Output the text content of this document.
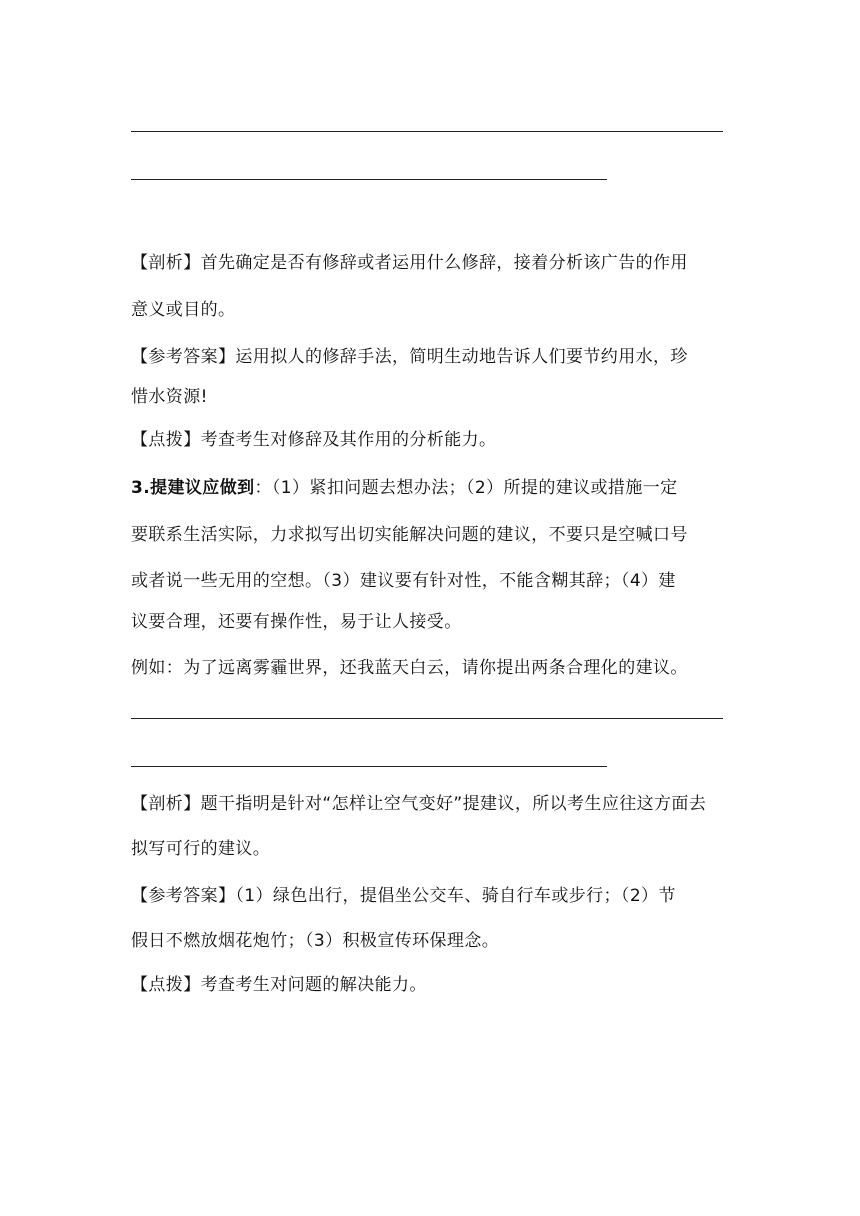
【剖析】首先确定是否有修辞或者运用什么修辞，接着分析该广告的作用
意义或目的。
【参考答案】运用拟人的修辞手法，简明生动地告诉人们要节约用水，珍
惜水资源!
【点拨】考查考生对修辞及其作用的分析能力。
3.提建议应做到：（1）紧扣问题去想办法；（2）所提的建议或措施一定
要联系生活实际，力求拟写出切实能解决问题的建议，不要只是空喊口号
或者说一些无用的空想。（3）建议要有针对性，不能含糊其辞；（4）建
议要合理，还要有操作性，易于让人接受。
例如：为了远离雾霾世界，还我蓝天白云，请你提出两条合理化的建议。
【剖析】题干指明是针对“怎样让空气变好”提建议，所以考生应往这方面去
拟写可行的建议。
【参考答案】（1）绿色出行，提倡坐公交车、骑自行车或步行；（2）节
假日不燃放烟花炮竹；（3）积极宣传环保理念。
【点拨】考查考生对问题的解决能力。
